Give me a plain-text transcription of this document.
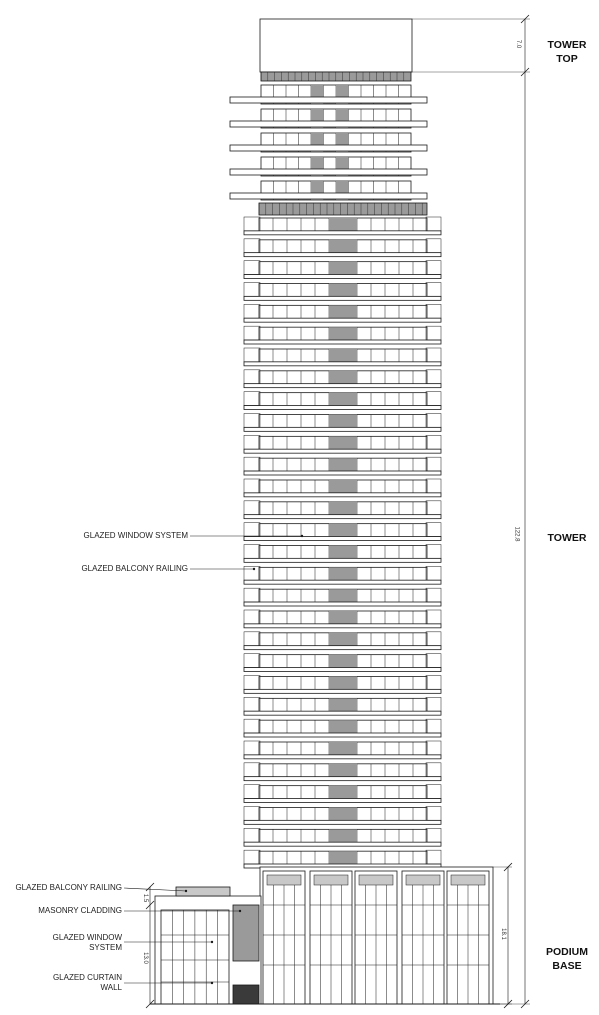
TOWER
TOP
TOWER
PODIUM
BASE
7.0
122.8
18.1
1.5
13.0
GLAZED WINDOW SYSTEM
GLAZED BALCONY RAILING
GLAZED BALCONY RAILING
MASONRY CLADDING
GLAZED WINDOW
SYSTEM
GLAZED CURTAIN
WALL
